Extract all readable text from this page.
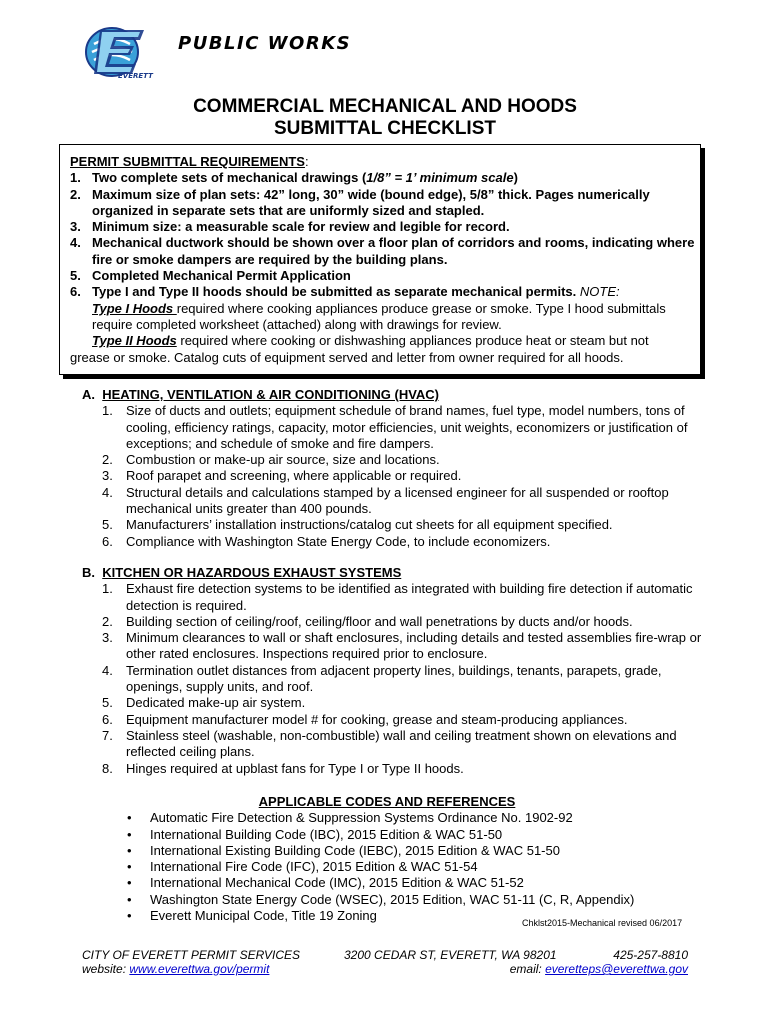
EVERETT
PUBLIC WORKS
COMMERCIAL MECHANICAL AND HOODS
SUBMITTAL CHECKLIST
PERMIT SUBMITTAL REQUIREMENTS:
1. Two complete sets of mechanical drawings (1/8” = 1’ minimum scale)
2. Maximum size of plan sets: 42” long, 30” wide (bound edge), 5/8” thick. Pages numerically organized in separate sets that are uniformly sized and stapled.
3. Minimum size: a measurable scale for review and legible for record.
4. Mechanical ductwork should be shown over a floor plan of corridors and rooms, indicating where fire or smoke dampers are required by the building plans.
5. Completed Mechanical Permit Application
6. Type I and Type II hoods should be submitted as separate mechanical permits. NOTE:
Type I Hoods required where cooking appliances produce grease or smoke. Type I hood submittals require completed worksheet (attached) along with drawings for review.
Type II Hoods required where cooking or dishwashing appliances produce heat or steam but not
grease or smoke. Catalog cuts of equipment served and letter from owner required for all hoods.
A. HEATING, VENTILATION & AIR CONDITIONING (HVAC)
1. Size of ducts and outlets; equipment schedule of brand names, fuel type, model numbers, tons of cooling, efficiency ratings, capacity, motor efficiencies, unit weights, economizers or justification of exceptions; and schedule of smoke and fire dampers.
2. Combustion or make-up air source, size and locations.
3. Roof parapet and screening, where applicable or required.
4. Structural details and calculations stamped by a licensed engineer for all suspended or rooftop mechanical units greater than 400 pounds.
5. Manufacturers’ installation instructions/catalog cut sheets for all equipment specified.
6. Compliance with Washington State Energy Code, to include economizers.
B. KITCHEN OR HAZARDOUS EXHAUST SYSTEMS
1. Exhaust fire detection systems to be identified as integrated with building fire detection if automatic detection is required.
2. Building section of ceiling/roof, ceiling/floor and wall penetrations by ducts and/or hoods.
3. Minimum clearances to wall or shaft enclosures, including details and tested assemblies fire-wrap or other rated enclosures. Inspections required prior to enclosure.
4. Termination outlet distances from adjacent property lines, buildings, tenants, parapets, grade, openings, supply units, and roof.
5. Dedicated make-up air system.
6. Equipment manufacturer model # for cooking, grease and steam-producing appliances.
7. Stainless steel (washable, non-combustible) wall and ceiling treatment shown on elevations and reflected ceiling plans.
8. Hinges required at upblast fans for Type I or Type II hoods.
APPLICABLE CODES AND REFERENCES
• Automatic Fire Detection & Suppression Systems Ordinance No. 1902-92
• International Building Code (IBC), 2015 Edition & WAC 51-50
• International Existing Building Code (IEBC), 2015 Edition & WAC 51-50
• International Fire Code (IFC), 2015 Edition & WAC 51-54
• International Mechanical Code (IMC), 2015 Edition & WAC 51-52
• Washington State Energy Code (WSEC), 2015 Edition, WAC 51-11 (C, R, Appendix)
• Everett Municipal Code, Title 19 Zoning	Chklst2015-Mechanical revised 06/2017
CITY OF EVERETT PERMIT SERVICES	3200 CEDAR ST, EVERETT, WA 98201	425-257-8810
website: www.everettwa.gov/permit	email: everetteps@everettwa.gov
